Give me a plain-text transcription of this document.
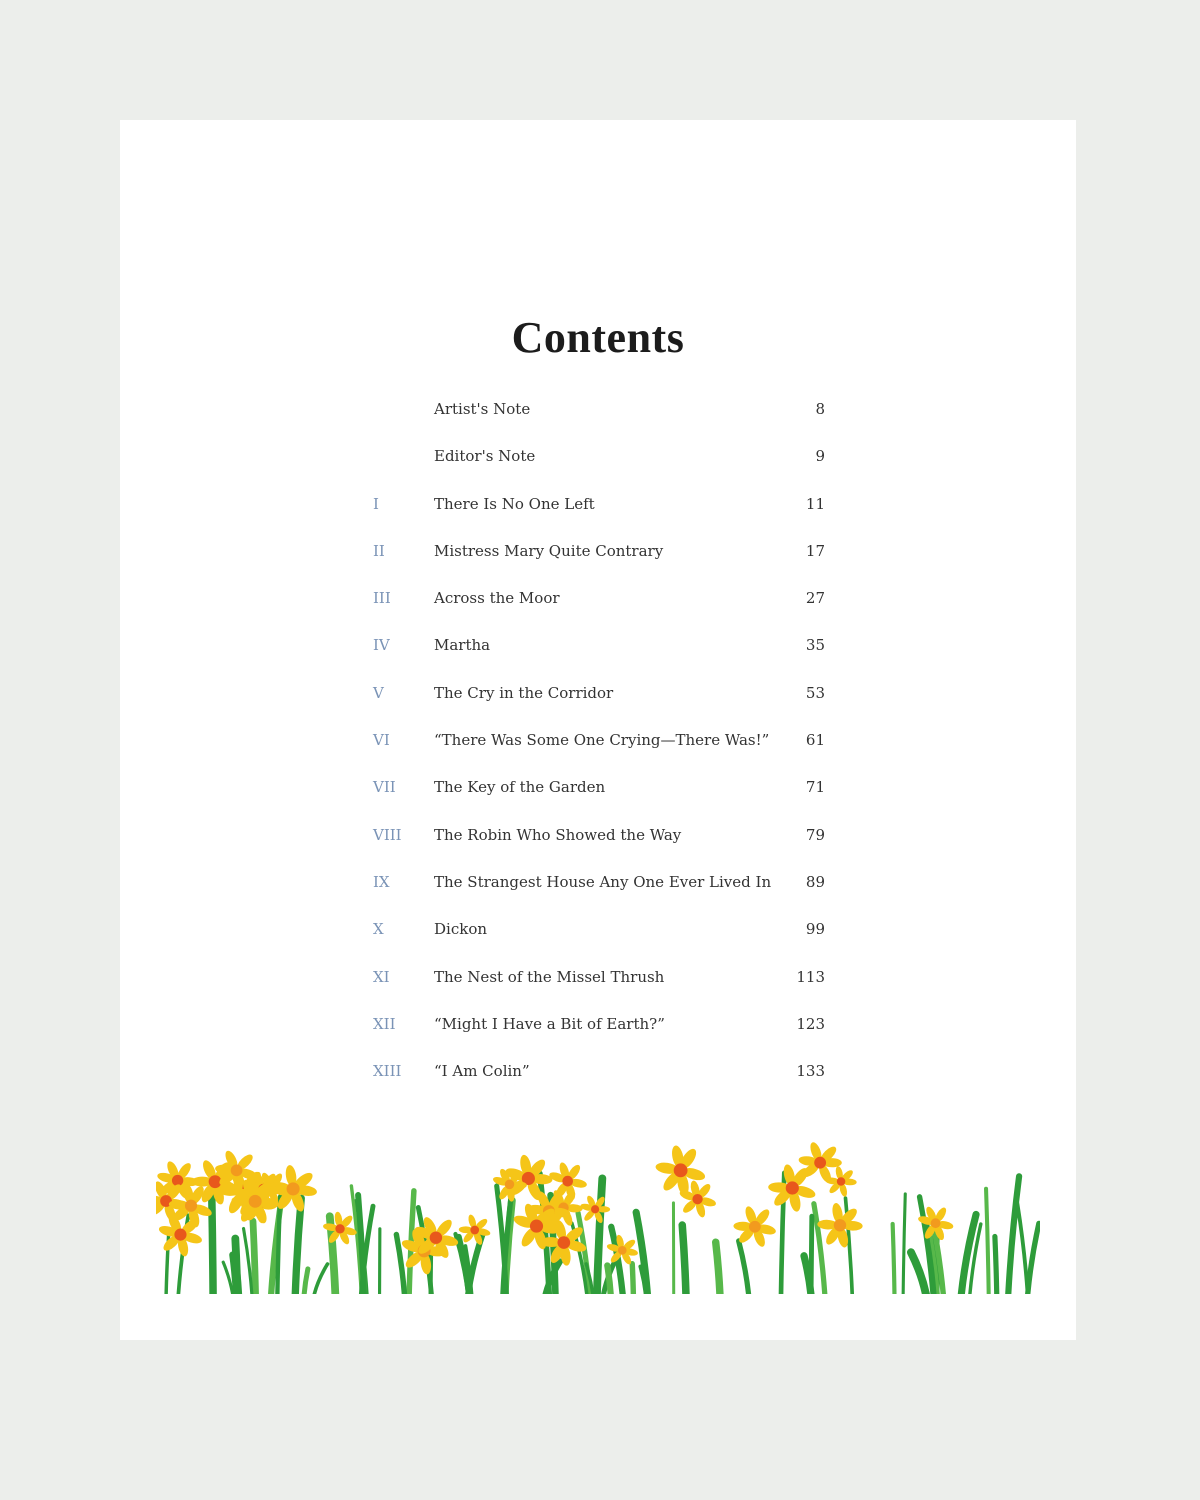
Contents
Artist's Note	8
Editor's Note	9
I	There Is No One Left	11
II	Mistress Mary Quite Contrary	17
III	Across the Moor	27
IV	Martha	35
V	The Cry in the Corridor	53
VI	“There Was Some One Crying—There Was!” 61
VII	The Key of the Garden	71
VIII The Robin Who Showed the Way	79
IX	The Strangest House Any One Ever Lived In 89
X	Dickon	99
XI	The Nest of the Missel Thrush	113
XII	“Might I Have a Bit of Earth?”	123
XIII “I Am Colin”	133
